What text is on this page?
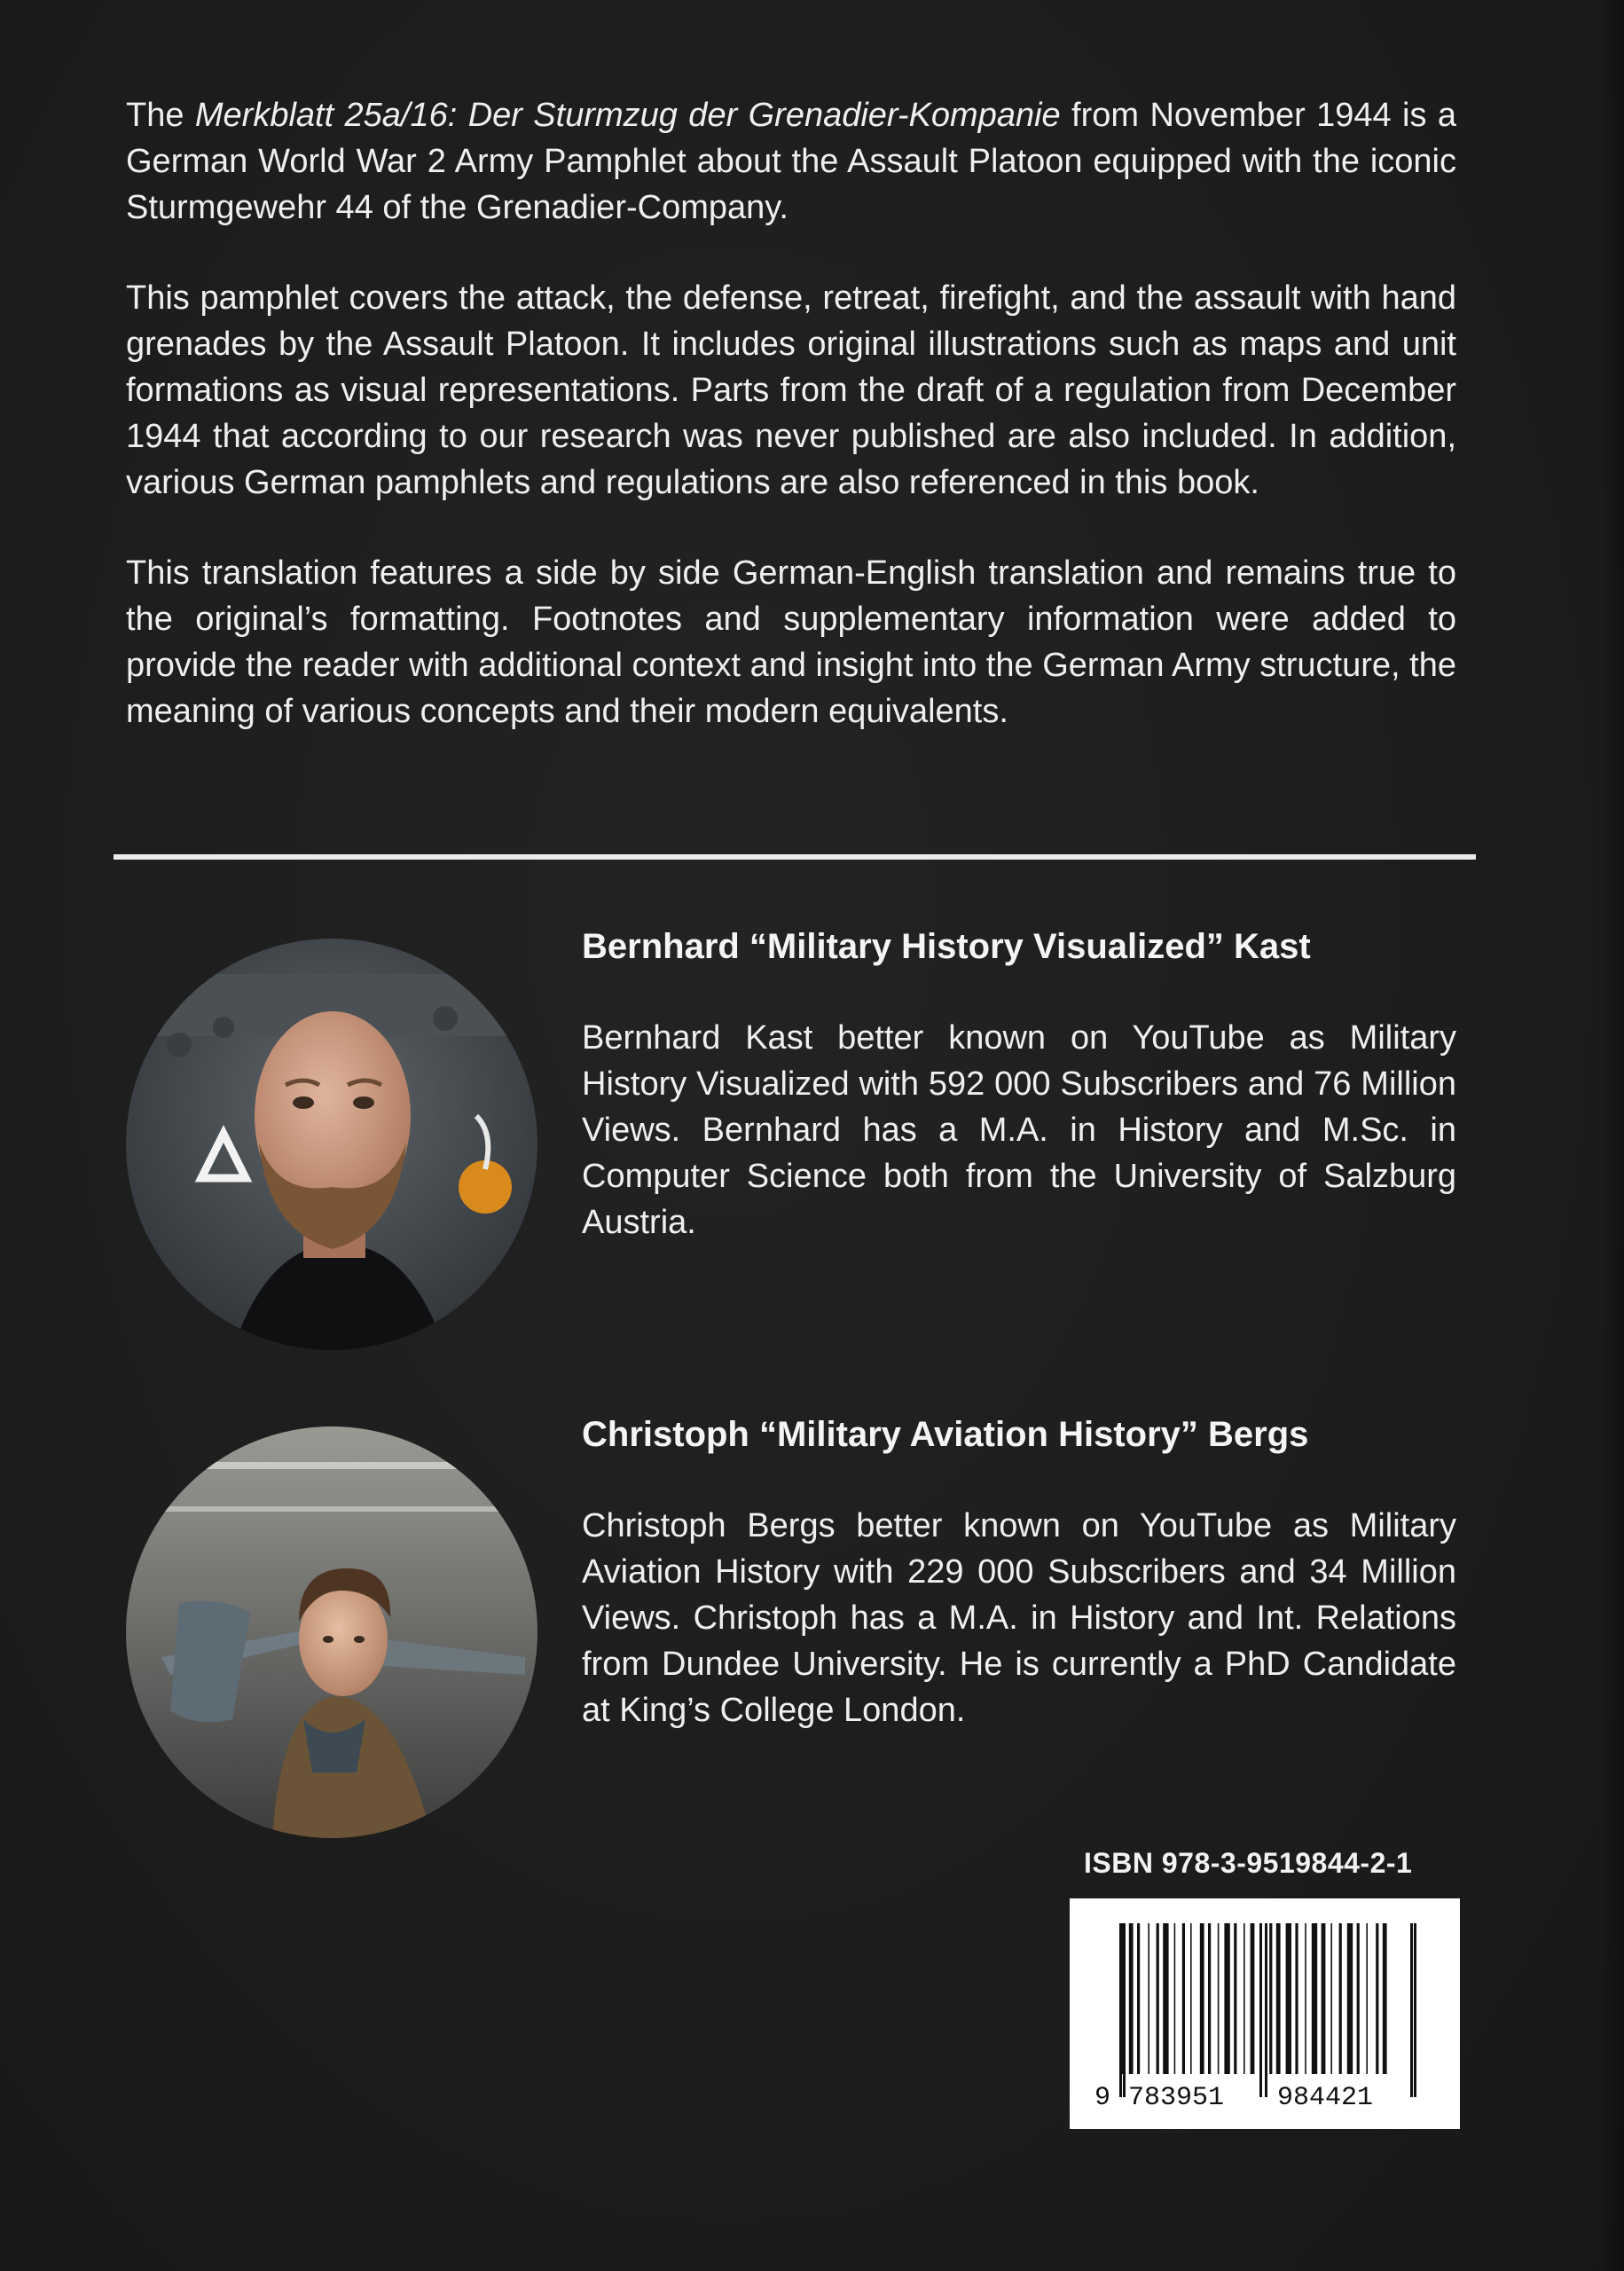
The Merkblatt 25a/16: Der Sturmzug der Grenadier-Kompanie from November 1944 is a German World War 2 Army Pamphlet about the Assault Platoon equipped with the iconic Sturmgewehr 44 of the Grenadier-Company.

This pamphlet covers the attack, the defense, retreat, firefight, and the assault with hand grenades by the Assault Platoon. It includes original illustrations such as maps and unit formations as visual representations. Parts from the draft of a regulation from December 1944 that according to our research was never published are also included. In addition, various German pamphlets and regulations are also referenced in this book.

This translation features a side by side German-English translation and remains true to the original’s formatting. Footnotes and supplementary information were added to provide the reader with additional context and insight into the German Army structure, the meaning of various concepts and their modern equivalents.

Bernhard “Military History Visualized” Kast

Bernhard Kast better known on YouTube as Military History Visualized with 592 000 Subscribers and 76 Million Views. Bernhard has a M.A. in History and M.Sc. in Computer Science both from the University of Salzburg Austria.

Christoph “Military Aviation History” Bergs

Christoph Bergs better known on YouTube as Military Aviation History with 229 000 Subscribers and 34 Million Views. Christoph has a M.A. in History and Int. Relations from Dundee University. He is currently a PhD Candidate at King’s College London.

ISBN 978-3-9519844-2-1
9 783951 984421
